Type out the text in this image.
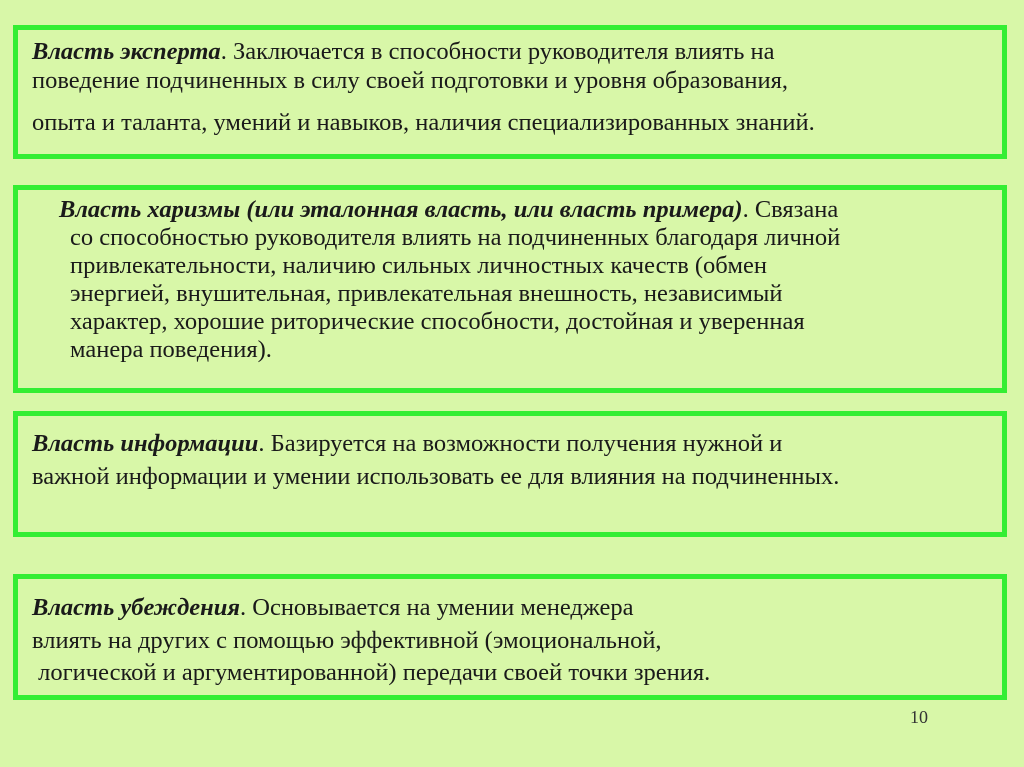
Власть эксперта. Заключается в способности руководителя влиять на
поведение подчиненных в силу своей подготовки и уровня образования,
опыта и таланта, умений и навыков, наличия специализированных знаний.
Власть харизмы (или эталонная власть, или власть примера). Связана
со способностью руководителя влиять на подчиненных благодаря личной
привлекательности, наличию сильных личностных качеств (обмен
энергией, внушительная, привлекательная внешность, независимый
характер, хорошие риторические способности, достойная и уверенная
манера поведения).
Власть информации. Базируется на возможности получения нужной и
важной информации и умении использовать ее для влияния на подчиненных.
Власть убеждения. Основывается на умении менеджера
влиять на других с помощью эффективной (эмоциональной,
логической и аргументированной) передачи своей точки зрения.
10
